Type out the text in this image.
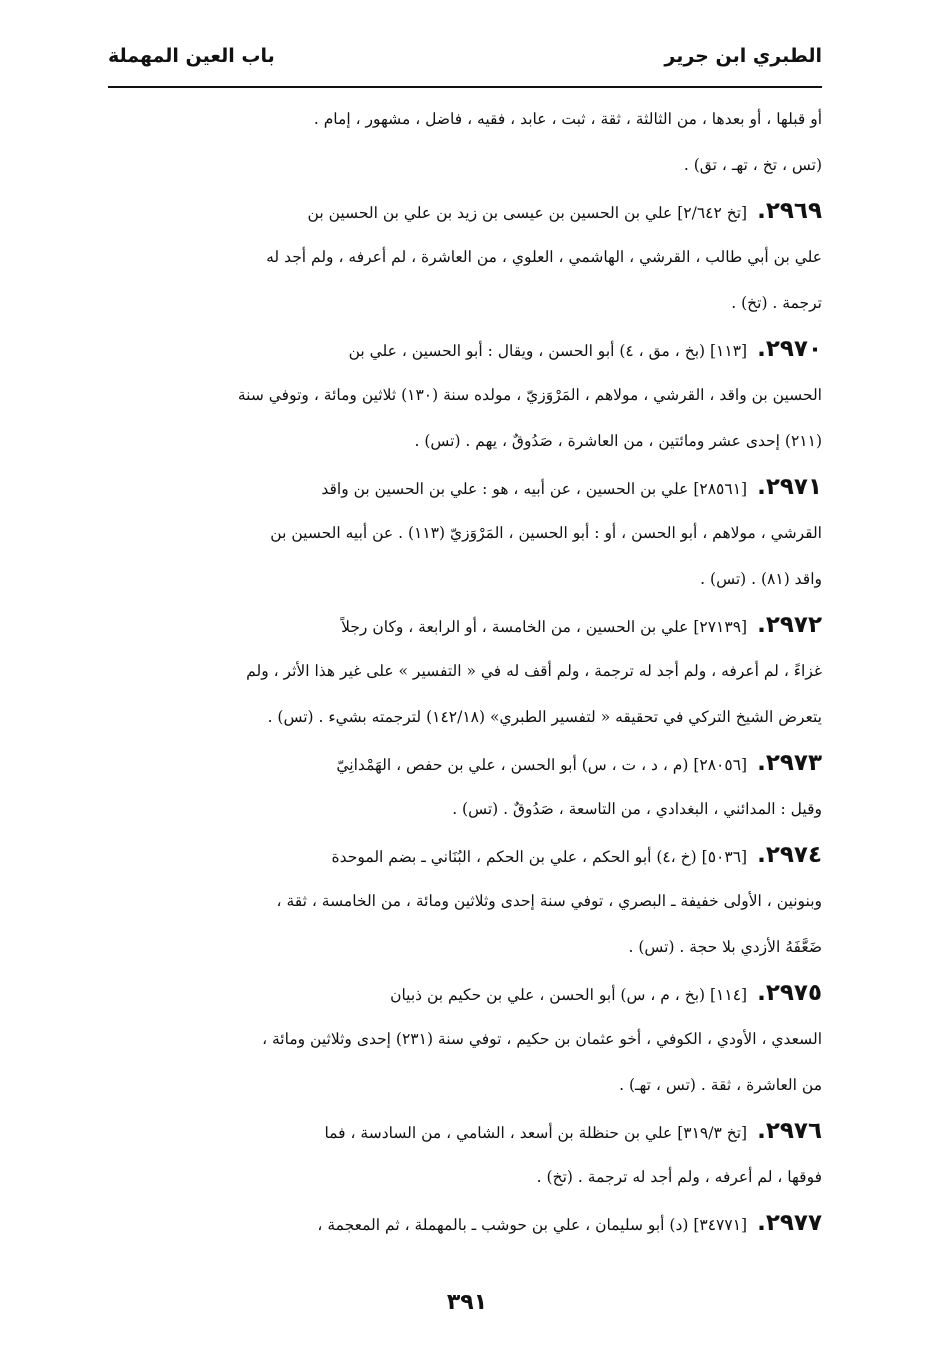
الطبري ابن جرير
باب العين المهملة
أو قبلها ، أو بعدها ، من الثالثة ، ثقة ، ثبت ، عابد ، فقيه ، فاضل ، مشهور ، إمام .
(تس ، تخ ، تهـ ، تق) .
٢٩٦٩.[تخ ٢/٦٤٢] علي بن الحسين بن عيسى بن زيد بن علي بن الحسين بن
علي بن أبي طالب ، القرشي ، الهاشمي ، العلوي ، من العاشرة ، لم أعرفه ، ولم أجد له
ترجمة . (تخ) .
٢٩٧٠.[١١٣] (بخ ، مق ، ٤) أبو الحسن ، ويقال : أبو الحسين ، علي بن
الحسين بن واقد ، القرشي ، مولاهم ، المَرْوَزيّ ، مولده سنة (١٣٠) ثلاثين ومائة ، وتوفي سنة
(٢١١) إحدى عشر ومائتين ، من العاشرة ، صَدُوقٌ ، يهم . (تس) .
٢٩٧١.[٢٨٥٦١] علي بن الحسين ، عن أبيه ، هو : علي بن الحسين بن واقد
القرشي ، مولاهم ، أبو الحسن ، أو : أبو الحسين ، المَرْوَزيّ (١١٣) . عن أبيه الحسين بن
واقد (٨١) . (تس) .
٢٩٧٢.[٢٧١٣٩] علي بن الحسين ، من الخامسة ، أو الرابعة ، وكان رجلاً
غزاءً ، لم أعرفه ، ولم أجد له ترجمة ، ولم أقف له في « التفسير » على غير هذا الأثر ، ولم
يتعرض الشيخ التركي في تحقيقه « لتفسير الطبري» (١٤٢/١٨) لترجمته بشيء . (تس) .
٢٩٧٣.[٢٨٠٥٦] (م ، د ، ت ، س) أبو الحسن ، علي بن حفص ، الهَمْدانِيّ
وقيل : المدائني ، البغدادي ، من التاسعة ، صَدُوقٌ . (تس) .
٢٩٧٤.[٥٠٣٦] (خ ،٤) أبو الحكم ، علي بن الحكم ، البُنَاني ـ بضم الموحدة
وبنونين ، الأولى خفيفة ـ البصري ، توفي سنة إحدى وثلاثين ومائة ، من الخامسة ، ثقة ،
ضَعَّفَهُ الأزدي بلا حجة . (تس) .
٢٩٧٥.[١١٤] (بخ ، م ، س) أبو الحسن ، علي بن حكيم بن ذبيان
السعدي ، الأودي ، الكوفي ، أخو عثمان بن حكيم ، توفي سنة (٢٣١) إحدى وثلاثين ومائة ،
من العاشرة ، ثقة . (تس ، تهـ) .
٢٩٧٦.[تخ ٣١٩/٣] علي بن حنظلة بن أسعد ، الشامي ، من السادسة ، فما
فوقها ، لم أعرفه ، ولم أجد له ترجمة . (تخ) .
٢٩٧٧.[٣٤٧٧١] (د) أبو سليمان ، علي بن حوشب ـ بالمهملة ، ثم المعجمة ،
٣٩١
